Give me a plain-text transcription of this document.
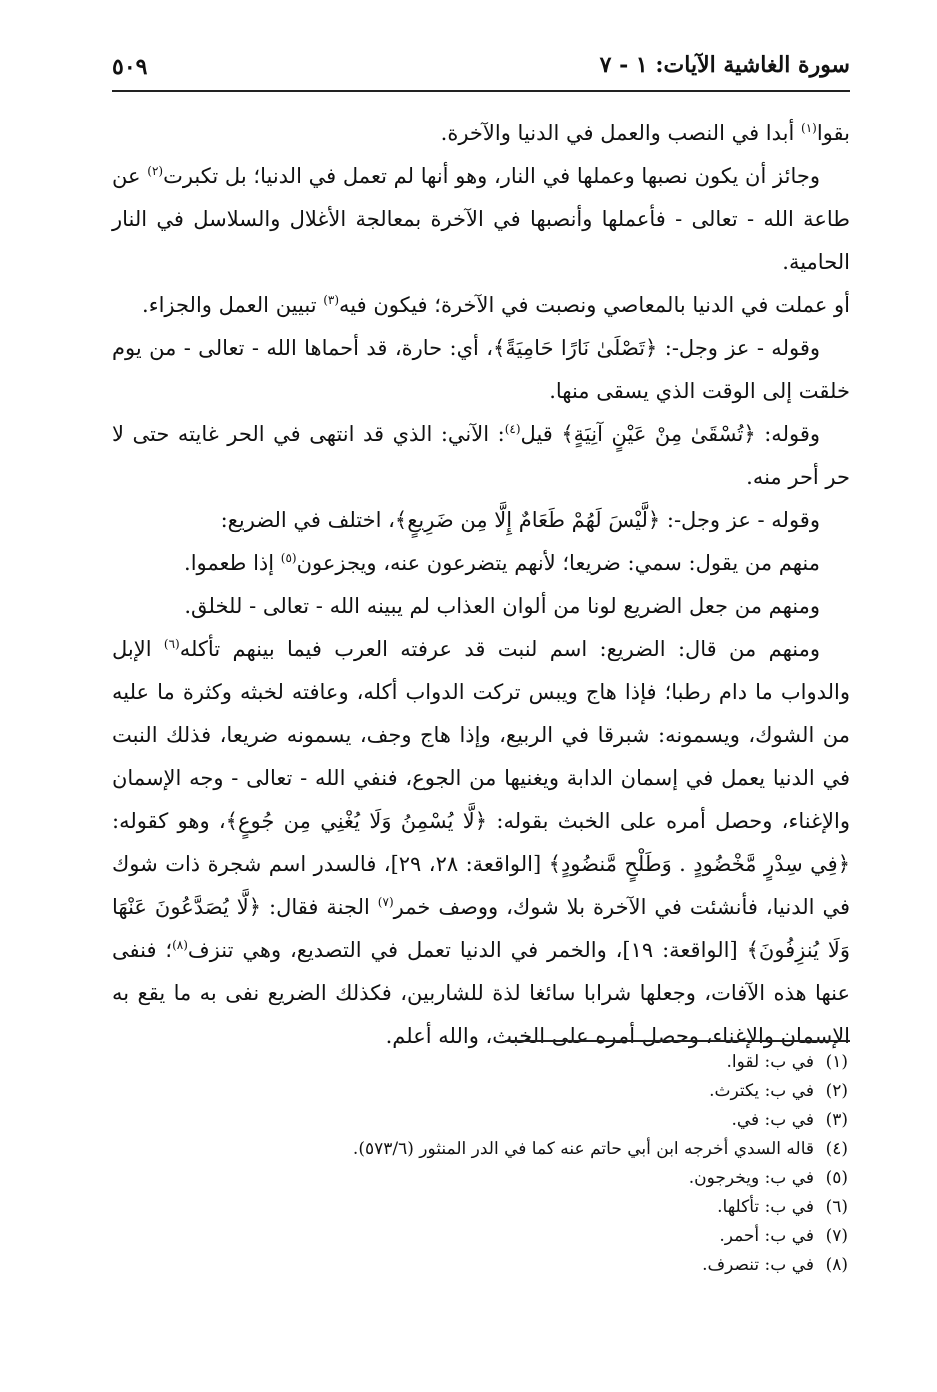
سورة الغاشية الآيات: ١ - ٧
٥٠٩

بقوا$^{(١)}$ أبدا في النصب والعمل في الدنيا والآخرة.

وجائز أن يكون نصبها وعملها في النار، وهو أنها لم تعمل في الدنيا؛ بل تكبرت$^{(٢)}$ عن طاعة الله - تعالى - فأعملها وأنصبها في الآخرة بمعالجة الأغلال والسلاسل في النار الحامية.

أو عملت في الدنيا بالمعاصي ونصبت في الآخرة؛ فيكون فيه$^{(٣)}$ تبيين العمل والجزاء.

وقوله - عز وجل-: ﴿تَصْلَىٰ نَارًا حَامِيَةً﴾، أي: حارة، قد أحماها الله - تعالى - من يوم خلقت إلى الوقت الذي يسقى منها.

وقوله: ﴿تُسْقَىٰ مِنْ عَيْنٍ آنِيَةٍ﴾ قيل$^{(٤)}$: الآني: الذي قد انتهى في الحر غايته حتى لا حر أحر منه.

وقوله - عز وجل-: ﴿لَّيْسَ لَهُمْ طَعَامٌ إِلَّا مِن ضَرِيعٍ﴾، اختلف في الضريع:

منهم من يقول: سمي: ضريعا؛ لأنهم يتضرعون عنه، ويجزعون$^{(٥)}$ إذا طعموا.

ومنهم من جعل الضريع لونا من ألوان العذاب لم يبينه الله - تعالى - للخلق.

ومنهم من قال: الضريع: اسم لنبت قد عرفته العرب فيما بينهم تأكله$^{(٦)}$ الإبل والدواب ما دام رطبا؛ فإذا هاج ويبس تركت الدواب أكله، وعافته لخبثه وكثرة ما عليه من الشوك، ويسمونه: شبرقا في الربيع، وإذا هاج وجف، يسمونه ضريعا، فذلك النبت في الدنيا يعمل في إسمان الدابة ويغنيها من الجوع، فنفي الله - تعالى - وجه الإسمان والإغناء، وحصل أمره على الخبث بقوله: ﴿لَّا يُسْمِنُ وَلَا يُغْنِي مِن جُوعٍ﴾، وهو كقوله: ﴿فِي سِدْرٍ مَّخْضُودٍ . وَطَلْحٍ مَّنضُودٍ﴾ [الواقعة: ٢٨، ٢٩]، فالسدر اسم شجرة ذات شوك في الدنيا، فأنشئت في الآخرة بلا شوك، ووصف خمر$^{(٧)}$ الجنة فقال: ﴿لَّا يُصَدَّعُونَ عَنْهَا وَلَا يُنزِفُونَ﴾ [الواقعة: ١٩]، والخمر في الدنيا تعمل في التصديع، وهي تنزف$^{(٨)}$؛ فنفى عنها هذه الآفات، وجعلها شرابا سائغا لذة للشاربين، فكذلك الضريع نفى به ما يقع به الإسمان والإغناء، وحصل أمره على الخبث، والله أعلم.

(١)
في ب: لقوا.
(٢)
في ب: يكترث.
(٣)
في ب: في.
(٤)
قاله السدي أخرجه ابن أبي حاتم عنه كما في الدر المنثور (٥٧٣/٦).
(٥)
في ب: ويخرجون.
(٦)
في ب: تأكلها.
(٧)
في ب: أحمر.
(٨)
في ب: تنصرف.
